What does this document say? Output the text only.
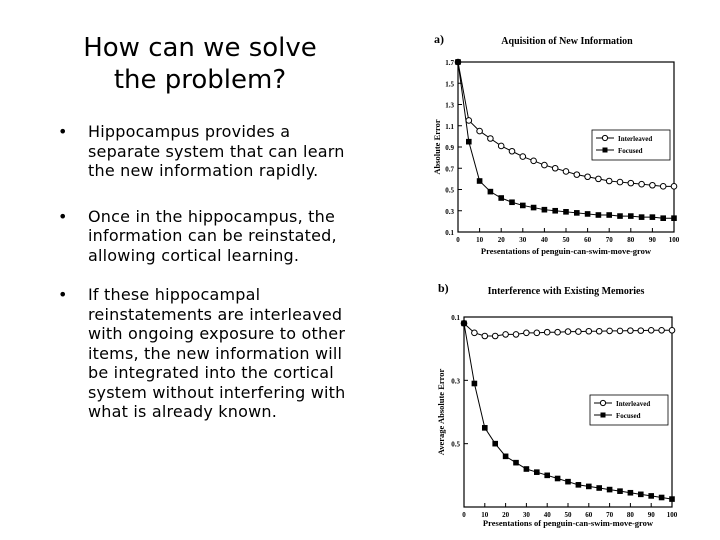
How can we solve
the problem?
• Hippocampus provides a separate system that can learn the new information rapidly.
• Once in the hippocampus, the information can be reinstated, allowing cortical learning.
• If these hippocampal reinstatements are interleaved with ongoing exposure to other items, the new information will be integrated into the cortical system without interfering with what is already known.
a)	Aquisition of New Information
0 10 20 30 40 50 60 70 80 90 100
0.1
0.3
0.5
0.7
0.9
1.1
1.3
1.5
1.7
Presentations of penguin-can-swim-move-grow
Absolute Error	Interleaved
Focused
b)	Interference with Existing Memories
0 10 20 30 40 50 60 70 80 90 100
0.1
0.3
0.5
Presentations of penguin-can-swim-move-grow
Average Absolute Error	Interleaved
Focused
